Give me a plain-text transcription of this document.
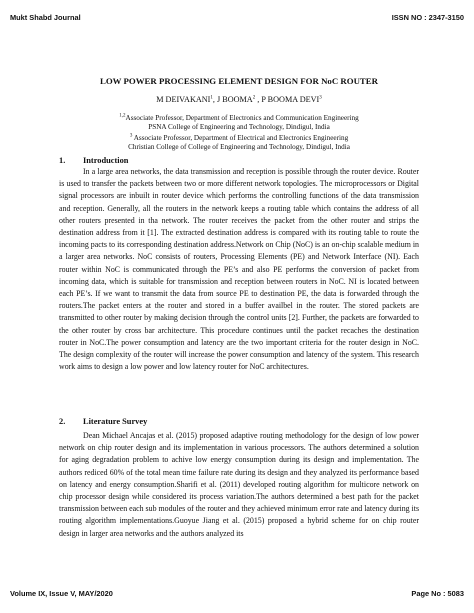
Mukt Shabd Journal	ISSN NO : 2347-3150
LOW POWER PROCESSING ELEMENT DESIGN FOR NoC ROUTER
M DEIVAKANI$^1$, J BOOMA$^2$ , P BOOMA DEVI$^3$
$^{1,2}$Associate Professor, Department of Electronics and Communication Engineering
PSNA College of Engineering and Technology, Dindigul, India
$^3$ Associate Professor, Department of Electrical and Electronics Engineering
Christian College of College of Engineering and Technology, Dindigul, India
1. Introduction

In a large area networks, the data transmission and reception is possible through the router device. Router is used to transfer the packets between two or more different network topologies. The microprocessors or Digital signal processors are inbuilt in router device which performs the controlling functions of the data transmission and reception. Generally, all the routers in the network keeps a routing table which contains the address of all other routers presented in tha network. The router receives the packet from the other router and strips the destination address from it [1]. The extracted destination address is compared with its routing table to route the incoming pacts to its corresponding destination address.Network on Chip (NoC) is an on-chip scalable medium in a larger area networks. NoC consists of routers, Processing Elements (PE) and Network Interface (NI). Each router within NoC is communicated through the PE’s and also PE performs the conversion of packet from incoming data, which is suitable for transmission and reception between routers in NoC. NI is located between each PE’s. If we want to transmit the data from source PE to destination PE, the data is forwarded through the routers.The packet enters at the router and stored in a buffer availbel in the router. The stored packets are transmitted to other router by making decision through the control units [2]. Further, the packets are forwarded to the other router by cross bar architecture. This procedure continues until the packet recaches the destination router in NoC.The power consumption and latency are the two important criteria for the router design in NoC. The design complexity of the router will increase the power consumption and latency of the system. This research work aims to design a low power and low latency router for NoC architectures.

2. Literature Survey

Dean Michael Ancajas et al. (2015) proposed adaptive routing methodology for the design of low power network on chip router design and its implementation in various processors. The authors determined a solution for aging degradation problem to achive low energy consumption during its design and implementation. The authors rediced 60% of the total mean time failure rate during its design and they analyzed its performance based on latency and energy consumption.Sharifi et al. (2011) developed routing algorithm for multicore network on chip processor design while considered its process variation.The authors determined a best path for the packet transmission between each sub modules of the router and they achieved minimum error rate and latency during its routing algorithm implementations.Guoyue Jiang et al. (2015) proposed a hybrid scheme for on chip router design in larger area networks and the authors analyzed its

Volume IX, Issue V, MAY/2020	Page No : 5083
